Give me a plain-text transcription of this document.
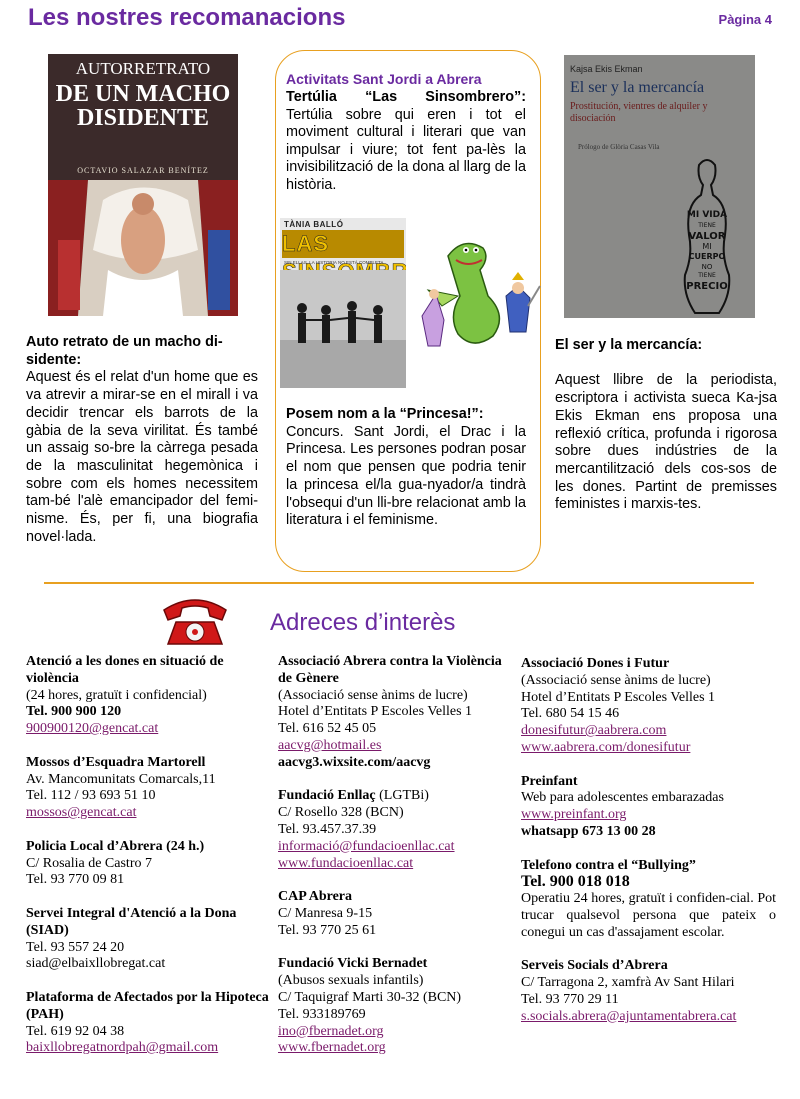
Les nostres recomanacions	Pàgina 4
AUTORRETRATO
DE UN MACHO
DISIDENTE
OCTAVIO SALAZAR BENÍTEZ
Auto retrato de un macho di-
sidente:
Aquest és el relat d'un home que es va atrevir a mirar-se en el mirall i va decidir trencar els barrots de la gàbia de la seva virilitat. És també un assaig so-bre la càrrega pesada de la masculinitat hegemònica i sobre com els homes necessitem tam-bé l'alè emancipador del femi-nisme. És, per fi, una biografia novel·lada.
Activitats Sant Jordi a Abrera
Tertúlia “Las Sinsombrero”:
Tertúlia sobre qui eren i tot el moviment cultural i literari que van impulsar i viure; tot fent pa-lès la invisibilització de la dona al llarg de la història.
TÀNIA BALLÓ
LAS
SIN ELLAS, LA HISTORIA NO ESTÁ COMPLETA
Posem nom a la “Princesa!”:
Concurs. Sant Jordi, el Drac i la Princesa. Les persones podran posar el nom que pensen que podria tenir la princesa el/la gua-nyador/a tindrà l'obsequi d'un lli-bre relacionat amb la literatura i el feminisme.
Kajsa Ekis Ekman
El ser y la mercancía
Prostitución, vientres de alquiler y disociación
Prólogo de Glòria Casas Vila
MI VIDA
TIENE
VALOR
MI
CUERPO
NO
TIENE
PRECIO
El ser y la mercancía:
Aquest llibre de la periodista, escriptora i activista sueca Ka-jsa Ekis Ekman ens proposa una reflexió crítica, profunda i rigorosa sobre dues indústries de la mercantilització dels cos-sos de les dones. Partint de premisses feministes i marxis-tes.
Adreces d’interès
Atenció a les dones en situació de violència
(24 hores, gratuït i confidencial)
Tel. 900 900 120
900900120@gencat.cat
Mossos d’Esquadra Martorell
Av. Mancomunitats Comarcals,11
Tel. 112 / 93 693 51 10
mossos@gencat.cat
Policia Local d’Abrera (24 h.)
C/ Rosalia de Castro 7
Tel. 93 770 09 81
Servei Integral d'Atenció a la Dona (SIAD)
Tel. 93 557 24 20
siad@elbaixllobregat.cat
Plataforma de Afectados por la Hipoteca (PAH)
Tel. 619 92 04 38
baixllobregatnordpah@gmail.com
Associació Abrera contra la Violència de Gènere
(Associació sense ànims de lucre)
Hotel d’Entitats P Escoles Velles 1
Tel. 616 52 45 05
aacvg@hotmail.es
aacvg3.wixsite.com/aacvg
Fundació Enllaç (LGTBi)
C/ Rosello 328 (BCN)
Tel. 93.457.37.39
informació@fundacioenllac.cat
www.fundacioenllac.cat
CAP Abrera
C/ Manresa 9-15
Tel. 93 770 25 61
Fundació Vicki Bernadet
(Abusos sexuals infantils)
C/ Taquigraf Marti 30-32 (BCN)
Tel. 933189769
ino@fbernadet.org
www.fbernadet.org
Associació Dones i Futur
(Associació sense ànims de lucre)
Hotel d’Entitats P Escoles Velles 1
Tel. 680 54 15 46
donesifutur@aabrera.com
www.aabrera.com/donesifutur
Preinfant
Web para adolescentes embarazadas
www.preinfant.org
whatsapp 673 13 00 28
Telefono contra el “Bullying”
Tel. 900 018 018
Operatiu 24 hores, gratuït i confiden-cial. Pot trucar qualsevol persona que pateix o conegui un cas d'assajament escolar.
Serveis Socials d’Abrera
C/ Tarragona 2, xamfrà Av Sant Hilari
Tel. 93 770 29 11
s.socials.abrera@ajuntamentabrera.cat
